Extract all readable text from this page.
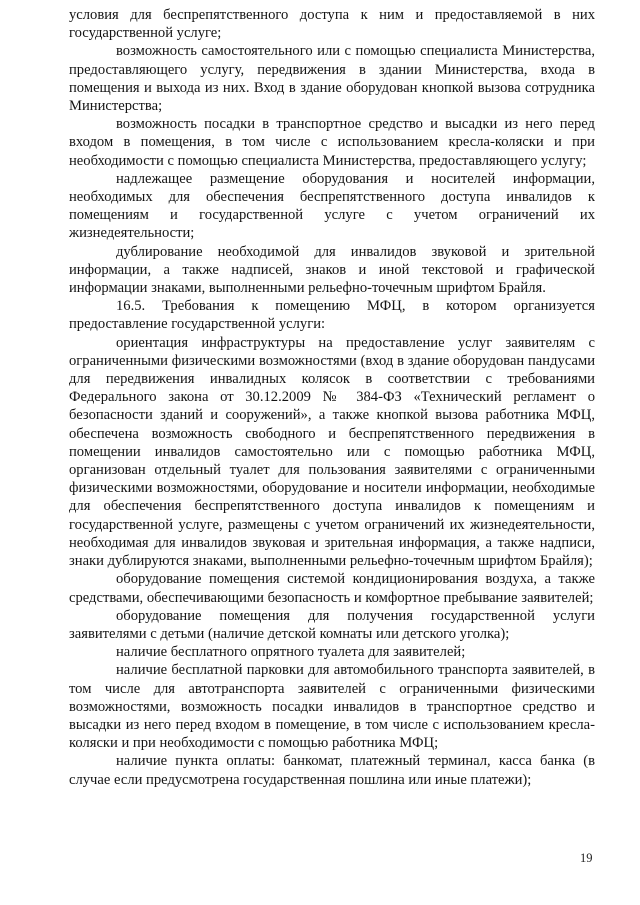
условия для беспрепятственного доступа к ним и предоставляемой в них государственной услуге;

возможность самостоятельного или с помощью специалиста Министерства, предоставляющего услугу, передвижения в здании Министерства, входа в помещения и выхода из них. Вход в здание оборудован кнопкой вызова сотрудника Министерства;

возможность посадки в транспортное средство и высадки из него перед входом в помещения, в том числе с использованием кресла-коляски и при необходимости с помощью специалиста Министерства, предоставляющего услугу;

надлежащее размещение оборудования и носителей информации, необходимых для обеспечения беспрепятственного доступа инвалидов к помещениям и государственной услуге с учетом ограничений их жизнедеятельности;

дублирование необходимой для инвалидов звуковой и зрительной информации, а также надписей, знаков и иной текстовой и графической информации знаками, выполненными рельефно-точечным шрифтом Брайля.

16.5. Требования к помещению МФЦ, в котором организуется предоставление государственной услуги:

ориентация инфраструктуры на предоставление услуг заявителям с ограниченными физическими возможностями (вход в здание оборудован пандусами для передвижения инвалидных колясок в соответствии с требованиями Федерального закона от 30.12.2009 № 384-ФЗ «Технический регламент о безопасности зданий и сооружений», а также кнопкой вызова работника МФЦ, обеспечена возможность свободного и беспрепятственного передвижения в помещении инвалидов самостоятельно или с помощью работника МФЦ, организован отдельный туалет для пользования заявителями с ограниченными физическими возможностями, оборудование и носители информации, необходимые для обеспечения беспрепятственного доступа инвалидов к помещениям и государственной услуге, размещены с учетом ограничений их жизнедеятельности, необходимая для инвалидов звуковая и зрительная информация, а также надписи, знаки дублируются знаками, выполненными рельефно-точечным шрифтом Брайля);

оборудование помещения системой кондиционирования воздуха, а также средствами, обеспечивающими безопасность и комфортное пребывание заявителей;

оборудование помещения для получения государственной услуги заявителями с детьми (наличие детской комнаты или детского уголка);

наличие бесплатного опрятного туалета для заявителей;

наличие бесплатной парковки для автомобильного транспорта заявителей, в том числе для автотранспорта заявителей с ограниченными физическими возможностями, возможность посадки инвалидов в транспортное средство и высадки из него перед входом в помещение, в том числе с использованием кресла-коляски и при необходимости с помощью работника МФЦ;

наличие пункта оплаты: банкомат, платежный терминал, касса банка (в случае если предусмотрена государственная пошлина или иные платежи);

19
